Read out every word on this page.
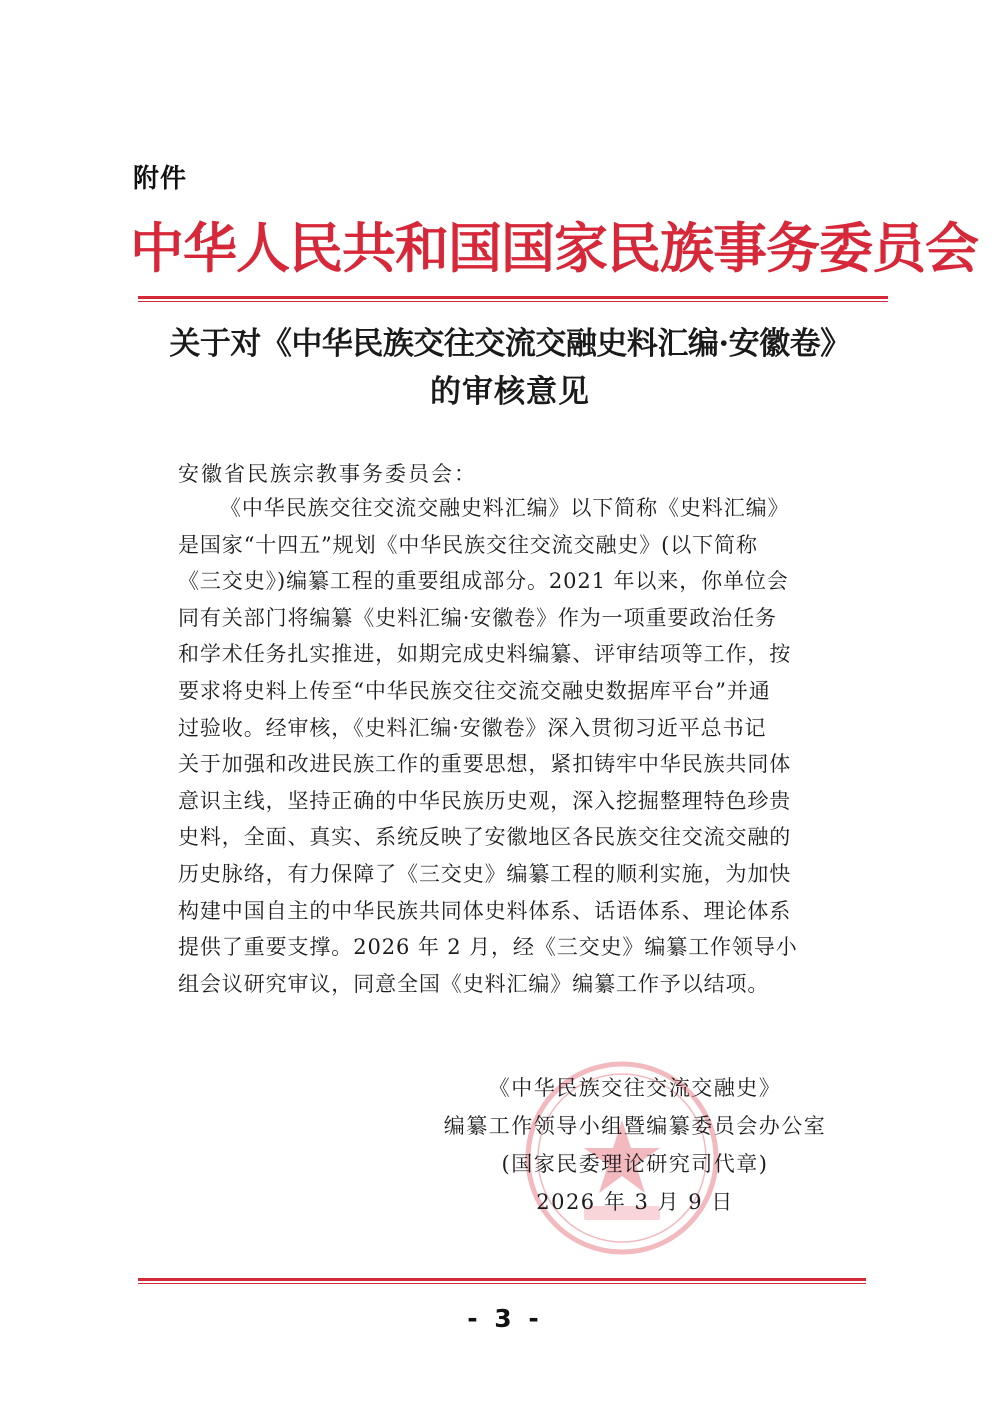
附件
中华人民共和国国家民族事务委员会
关于对《中华民族交往交流交融史料汇编·安徽卷》
的审核意见
安徽省民族宗教事务委员会：
《中华民族交往交流交融史料汇编》以下简称《史料汇编》
是国家“十四五”规划《中华民族交往交流交融史》(以下简称
《三交史》)编纂工程的重要组成部分。2021 年以来，你单位会
同有关部门将编纂《史料汇编·安徽卷》作为一项重要政治任务
和学术任务扎实推进，如期完成史料编纂、评审结项等工作，按
要求将史料上传至“中华民族交往交流交融史数据库平台”并通
过验收。经审核，《史料汇编·安徽卷》深入贯彻习近平总书记
关于加强和改进民族工作的重要思想，紧扣铸牢中华民族共同体
意识主线，坚持正确的中华民族历史观，深入挖掘整理特色珍贵
史料，全面、真实、系统反映了安徽地区各民族交往交流交融的
历史脉络，有力保障了《三交史》编纂工程的顺利实施，为加快
构建中国自主的中华民族共同体史料体系、话语体系、理论体系
提供了重要支撑。2026 年 2 月，经《三交史》编纂工作领导小
组会议研究审议，同意全国《史料汇编》编纂工作予以结项。
《中华民族交往交流交融史》
编纂工作领导小组暨编纂委员会办公室
(国家民委理论研究司代章)
2026 年 3 月 9 日
- 3 -
